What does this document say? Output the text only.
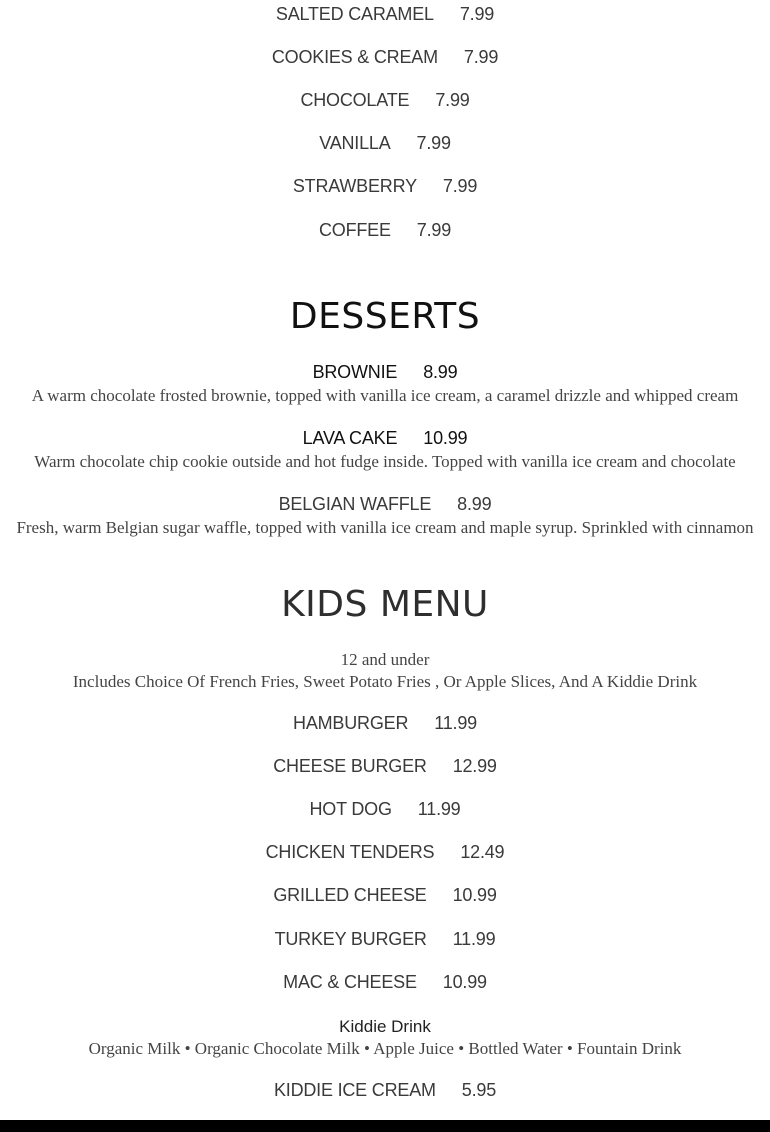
SALTED CARAMEL 7.99
COOKIES & CREAM 7.99
CHOCOLATE 7.99
VANILLA 7.99
STRAWBERRY 7.99
COFFEE 7.99
DESSERTS
BROWNIE 8.99
A warm chocolate frosted brownie, topped with vanilla ice cream, a caramel drizzle and whipped cream
LAVA CAKE 10.99
Warm chocolate chip cookie outside and hot fudge inside. Topped with vanilla ice cream and chocolate
BELGIAN WAFFLE 8.99
Fresh, warm Belgian sugar waffle, topped with vanilla ice cream and maple syrup. Sprinkled with cinnamon
KIDS MENU
12 and under
Includes Choice Of French Fries, Sweet Potato Fries , Or Apple Slices, And A Kiddie Drink
HAMBURGER 11.99
CHEESE BURGER 12.99
HOT DOG 11.99
CHICKEN TENDERS 12.49
GRILLED CHEESE 10.99
TURKEY BURGER 11.99
MAC & CHEESE 10.99
Kiddie Drink
Organic Milk • Organic Chocolate Milk • Apple Juice • Bottled Water • Fountain Drink
KIDDIE ICE CREAM 5.95
